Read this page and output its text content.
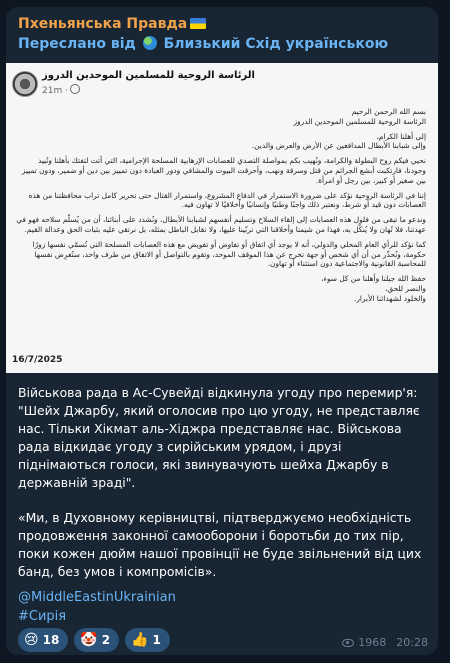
Пхеньянська Правда
Переслано від Близький Схід українською
الرئاسة الروحية للمسلمين الموحدين الدروز
21m ·

بسم الله الرحمن الرحيم
الرئاسة الروحية للمسلمين الموحدين الدروز

إلى أهلنا الكرام،
وإلى شبابنا الأبطال المدافعين عن الأرض والعرض والدين.

نحيي فيكم روح البطولة والكرامة، ونُهيب بكم بمواصلة التصدي للعصابات الإرهابية المسلحة الإجرامية، التي أتت لتفتك بأهلنا وتُبيد وجودنا، فارتكبت أبشع الجرائم من قتل وسرقة ونهب، وأحرقت البيوت والمشافي ودور العبادة دون تمييز بين دين أو ضمير، ودون تمييز بين صغير أو كبير، بين رجل أو امرأة.

إننا في الرئاسة الروحية نؤكد على ضرورة الاستمرار في الدفاع المشروع، واستمرار القتال حتى تحرير كامل تراب محافظتنا من هذه العصابات دون قيد أو شرط، ونعتبر ذلك واجبًا وطنيًا وإنسانيًا وأخلاقيًا لا تهاون فيه.

وندعو ما تبقى من فلول هذه العصابات إلى إلقاء السلاح وتسليم أنفسهم لشبابنا الأبطال، ونُشدد على أبنائنا، أن من يُسلّم سلاحه فهو في عهدتنا، فلا تُهان ولا يُنكّل به، فهذا من شيمنا وأخلاقنا التي تربّينا عليها، ولا نقابل الباطل بمثله، بل نرتقي عليه بثبات الحق وعدالة القيم.

كما نؤكد للرأي العام المحلي والدولي، أنه لا يوجد أي اتفاق أو تفاوض أو تفويض مع هذه العصابات المسلحة التي تُسمّي نفسها زورًا حكومة، ونُحذّر من أن أي شخص أو جهة تخرج عن هذا الموقف الموحد، وتقوم بالتواصل أو الاتفاق من طرف واحد، ستُعرِض نفسها للمحاسبة القانونية والاجتماعية دون استثناء أو تهاون.

حفظ الله جبلنا وأهلنا من كل سوء،
والنصر للحق،
والخلود لشهدائنا الأبرار.

16/7/2025

Військова рада в Ас-Сувейді відкинула угоду про перемир'я: "Шейх Джарбу, який оголосив про цю угоду, не представляє нас. Тільки Хікмат аль-Хіджра представляє нас. Військова рада відкидає угоду з сирійським урядом, і друзі піднімаються голоси, які звинувачують шейха Джарбу в державній зраді".

«Ми, в Духовному керівництві, підтверджуємо необхідність продовження законної самооборони і боротьби до тих пір, поки кожен дюйм нашої провінції не буде звільнений від цих банд, без умов і компромісів».

@MiddleEastinUkrainian
#Сирія
😢 18 🤡 2 👍 1	1968 20:28
